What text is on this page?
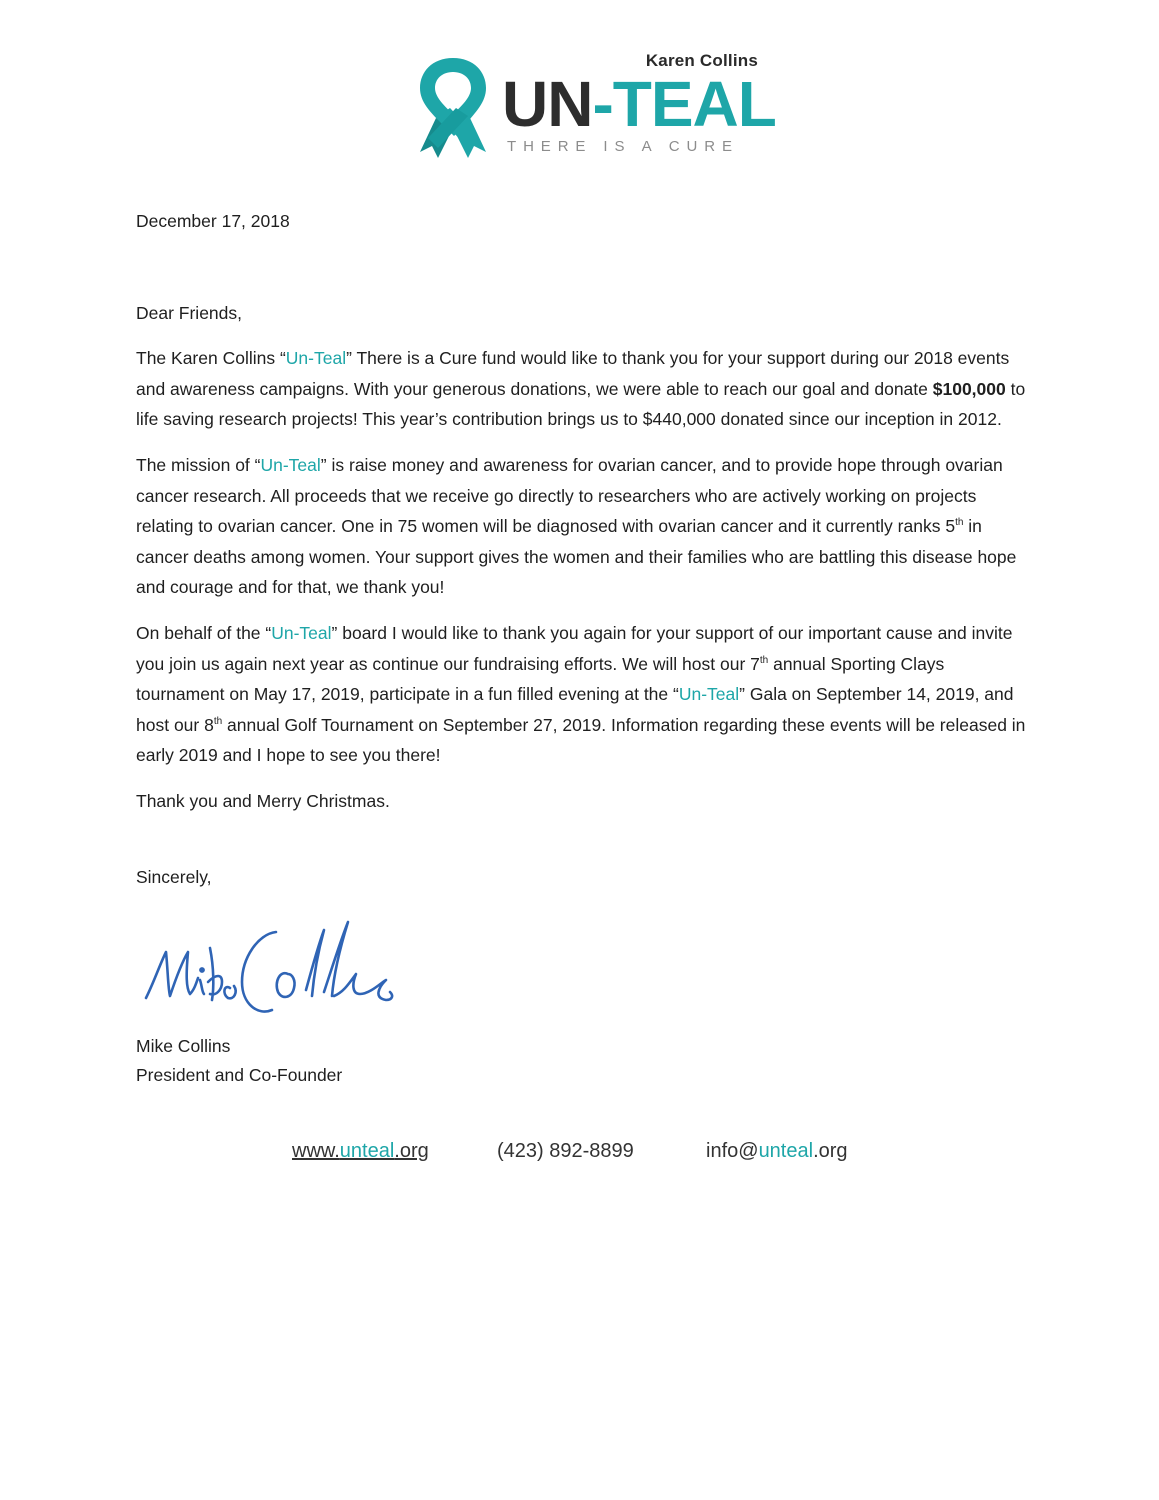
Karen Collins
UN-TEAL
THERE IS A CURE

December 17, 2018

Dear Friends,

The Karen Collins “Un-Teal” There is a Cure fund would like to thank you for your support during our 2018 events and awareness campaigns. With your generous donations, we were able to reach our goal and donate $100,000 to life saving research projects! This year’s contribution brings us to $440,000 donated since our inception in 2012.

The mission of “Un-Teal” is raise money and awareness for ovarian cancer, and to provide hope through ovarian cancer research. All proceeds that we receive go directly to researchers who are actively working on projects relating to ovarian cancer. One in 75 women will be diagnosed with ovarian cancer and it currently ranks 5th in cancer deaths among women. Your support gives the women and their families who are battling this disease hope and courage and for that, we thank you!

On behalf of the “Un-Teal” board I would like to thank you again for your support of our important cause and invite you join us again next year as continue our fundraising efforts. We will host our 7th annual Sporting Clays tournament on May 17, 2019, participate in a fun filled evening at the “Un-Teal” Gala on September 14, 2019, and host our 8th annual Golf Tournament on September 27, 2019. Information regarding these events will be released in early 2019 and I hope to see you there!

Thank you and Merry Christmas.

Sincerely,

Mike Collins
President and Co-Founder
www.unteal.org	(423) 892-8899	info@unteal.org
